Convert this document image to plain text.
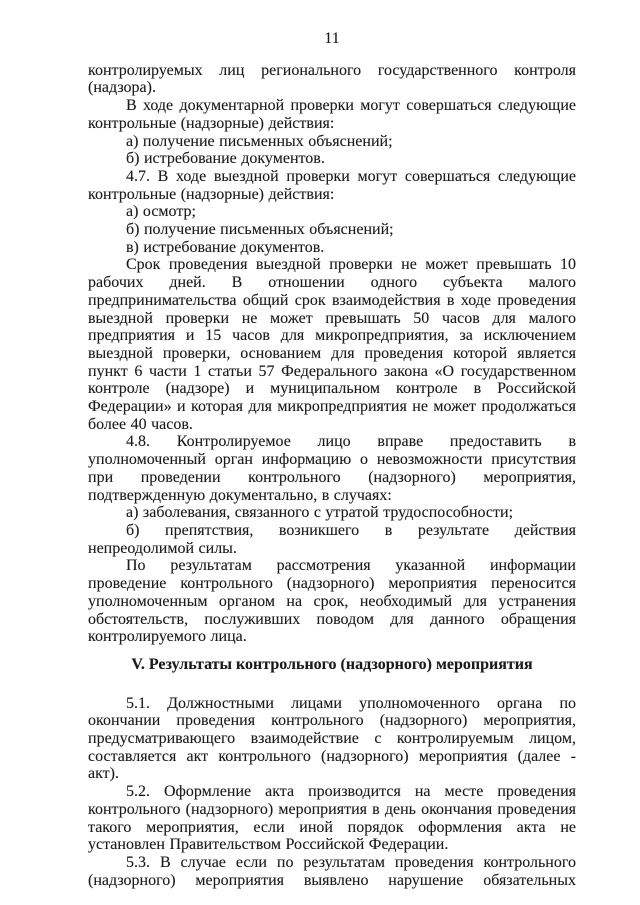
11

контролируемых лиц регионального государственного контроля (надзора).

В ходе документарной проверки могут совершаться следующие контрольные (надзорные) действия:

а) получение письменных объяснений;

б) истребование документов.

4.7. В ходе выездной проверки могут совершаться следующие контрольные (надзорные) действия:

а) осмотр;

б) получение письменных объяснений;

в) истребование документов.

Срок проведения выездной проверки не может превышать 10 рабочих дней. В отношении одного субъекта малого предпринимательства общий срок взаимодействия в ходе проведения выездной проверки не может превышать 50 часов для малого предприятия и 15 часов для микропредприятия, за исключением выездной проверки, основанием для проведения которой является пункт 6 части 1 статьи 57 Федерального закона «О государственном контроле (надзоре) и муниципальном контроле в Российской Федерации» и которая для микропредприятия не может продолжаться более 40 часов.

4.8. Контролируемое лицо вправе предоставить в уполномоченный орган информацию о невозможности присутствия при проведении контрольного (надзорного) мероприятия, подтвержденную документально, в случаях:

а) заболевания, связанного с утратой трудоспособности;

б) препятствия, возникшего в результате действия непреодолимой силы.

По результатам рассмотрения указанной информации проведение контрольного (надзорного) мероприятия переносится уполномоченным органом на срок, необходимый для устранения обстоятельств, послуживших поводом для данного обращения контролируемого лица.

V. Результаты контрольного (надзорного) мероприятия

5.1. Должностными лицами уполномоченного органа по окончании проведения контрольного (надзорного) мероприятия, предусматривающего взаимодействие с контролируемым лицом, составляется акт контрольного (надзорного) мероприятия (далее - акт).

5.2. Оформление акта производится на месте проведения контрольного (надзорного) мероприятия в день окончания проведения такого мероприятия, если иной порядок оформления акта не установлен Правительством Российской Федерации.

5.3. В случае если по результатам проведения контрольного (надзорного) мероприятия выявлено нарушение обязательных
